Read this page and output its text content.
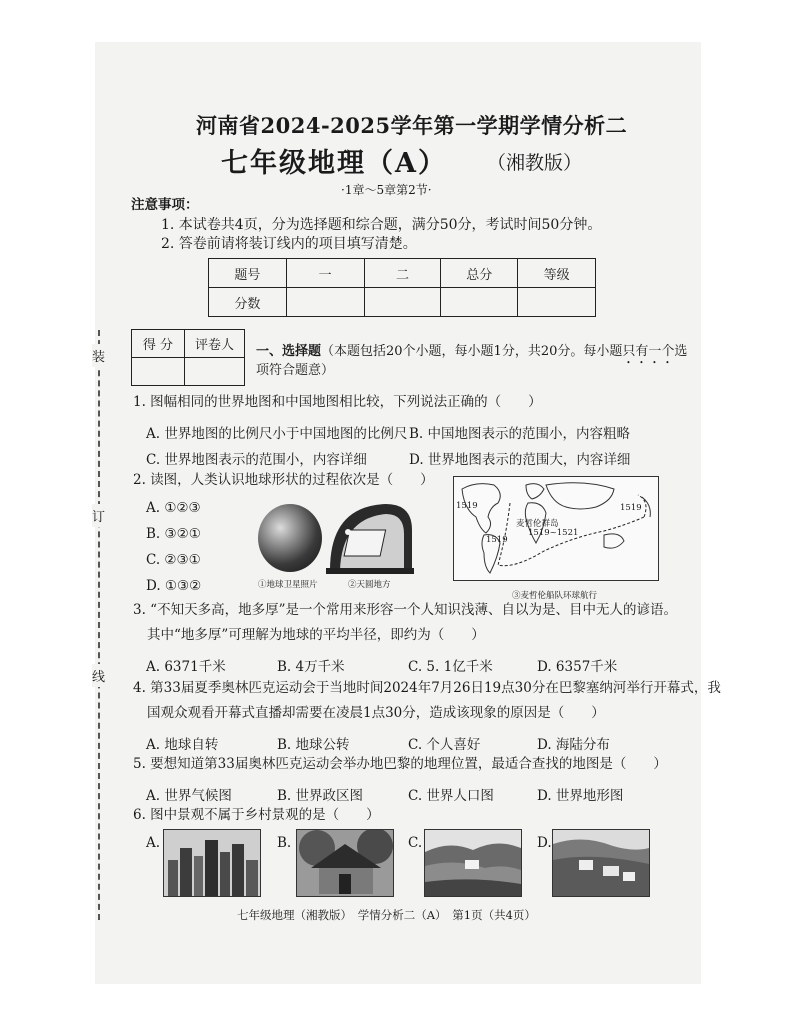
装
订
线
河南省2024-2025学年第一学期学情分析二
七年级地理（A） （湘教版）
·1章～5章第2节·
注意事项：
1. 本试卷共4页，分为选择题和综合题，满分50分，考试时间50分钟。
2. 答卷前请将装订线内的项目填写清楚。
题号	一	二	总分	等级
分数				
得 分	评卷人
	一、选择题（本题包括20个小题，每小题1分，共20分。每小题只有一个选
项符合题意）
1. 图幅相同的世界地图和中国地图相比较，下列说法正确的（　　）
A. 世界地图的比例尺小于中国地图的比例尺 B. 中国地图表示的范围小，内容粗略
C. 世界地图表示的范围小，内容详细	D. 世界地图表示的范围大，内容详细
2. 读图，人类认识地球形状的过程依次是（　　）
A. ①②③
B. ③②①
C. ②③①
D. ①③②	①地球卫星照片	②天圆地方
麦哲伦群岛
1519~1521
1519	1519
1519
③麦哲伦船队环球航行
3. “不知天多高，地多厚”是一个常用来形容一个人知识浅薄、自以为是、目中无人的谚语。
其中“地多厚”可理解为地球的平均半径，即约为（　　）
A. 6371千米	B. 4万千米	C. 5. 1亿千米	D. 6357千米
4. 第33届夏季奥林匹克运动会于当地时间2024年7月26日19点30分在巴黎塞纳河举行开幕式，我
国观众观看开幕式直播却需要在凌晨1点30分，造成该现象的原因是（　　）
A. 地球自转	B. 地球公转	C. 个人喜好	D. 海陆分布
5. 要想知道第33届奥林匹克运动会举办地巴黎的地理位置，最适合查找的地图是（　　）
A. 世界气候图	B. 世界政区图	C. 世界人口图	D. 世界地形图
6. 图中景观不属于乡村景观的是（　　）
A.	B.	C.	D.
七年级地理（湘教版）　学情分析二（A）　第1页（共4页）
